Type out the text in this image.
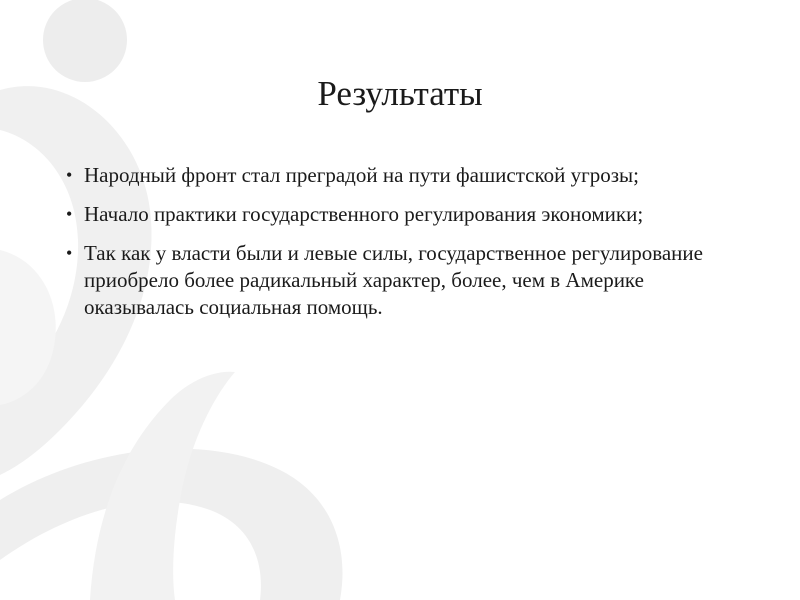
Результаты
• Народный фронт стал преградой на пути фашистской угрозы;
• Начало практики государственного регулирования экономики;
• Так как у власти были и левые силы, государственное регулирование приобрело более радикальный характер, более, чем в Америке оказывалась социальная помощь.
